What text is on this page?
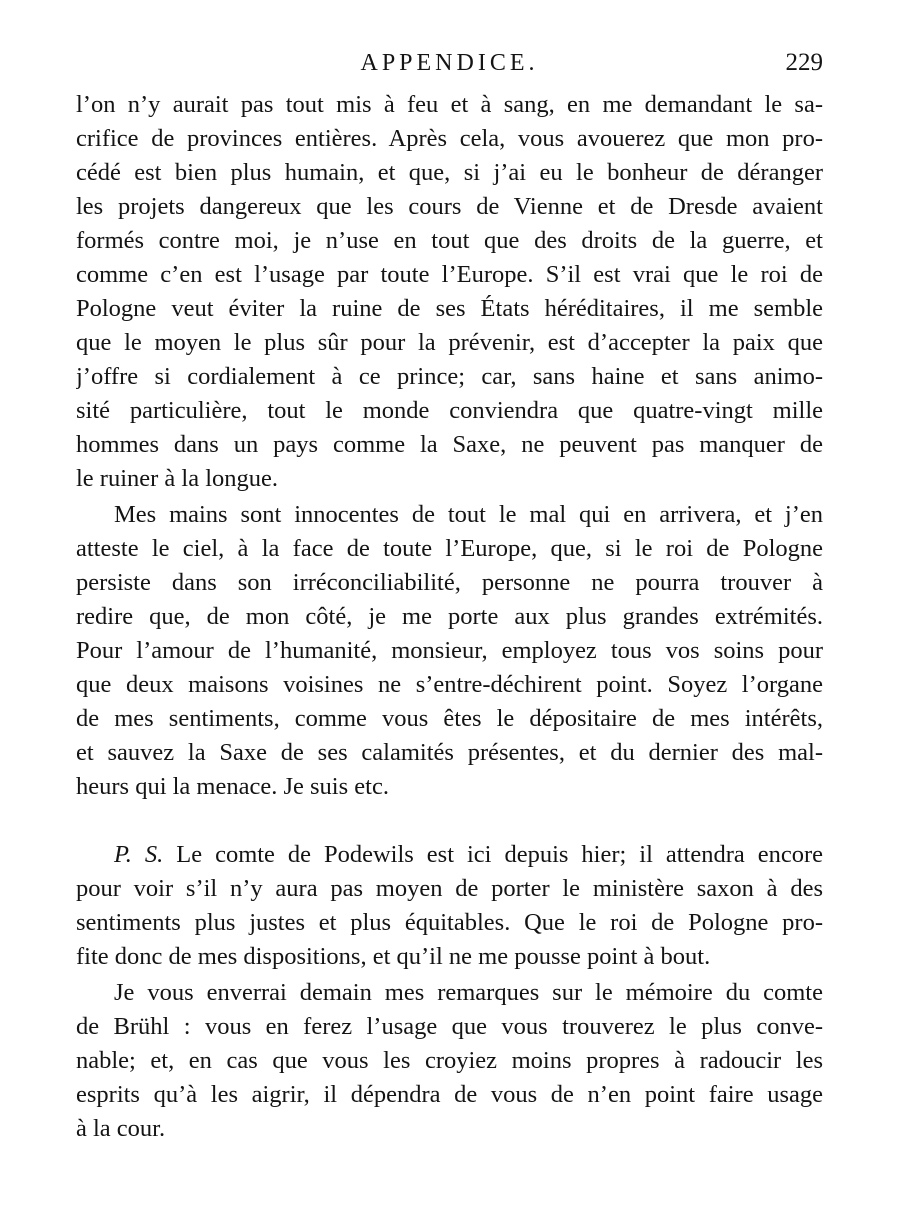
APPENDICE.	229
l’on n’y aurait pas tout mis à feu et à sang, en me demandant le sa-
crifice de provinces entières. Après cela, vous avouerez que mon pro-
cédé est bien plus humain, et que, si j’ai eu le bonheur de déranger
les projets dangereux que les cours de Vienne et de Dresde avaient
formés contre moi, je n’use en tout que des droits de la guerre, et
comme c’en est l’usage par toute l’Europe. S’il est vrai que le roi de
Pologne veut éviter la ruine de ses États héréditaires, il me semble
que le moyen le plus sûr pour la prévenir, est d’accepter la paix que
j’offre si cordialement à ce prince; car, sans haine et sans animo-
sité particulière, tout le monde conviendra que quatre-vingt mille
hommes dans un pays comme la Saxe, ne peuvent pas manquer de
le ruiner à la longue.
Mes mains sont innocentes de tout le mal qui en arrivera, et j’en
atteste le ciel, à la face de toute l’Europe, que, si le roi de Pologne
persiste dans son irréconciliabilité, personne ne pourra trouver à
redire que, de mon côté, je me porte aux plus grandes extrémités.
Pour l’amour de l’humanité, monsieur, employez tous vos soins pour
que deux maisons voisines ne s’entre-déchirent point. Soyez l’organe
de mes sentiments, comme vous êtes le dépositaire de mes intérêts,
et sauvez la Saxe de ses calamités présentes, et du dernier des mal-
heurs qui la menace. Je suis etc.
P. S. Le comte de Podewils est ici depuis hier; il attendra encore
pour voir s’il n’y aura pas moyen de porter le ministère saxon à des
sentiments plus justes et plus équitables. Que le roi de Pologne pro-
fite donc de mes dispositions, et qu’il ne me pousse point à bout.
Je vous enverrai demain mes remarques sur le mémoire du comte
de Brühl : vous en ferez l’usage que vous trouverez le plus conve-
nable; et, en cas que vous les croyiez moins propres à radoucir les
esprits qu’à les aigrir, il dépendra de vous de n’en point faire usage
à la cour.
